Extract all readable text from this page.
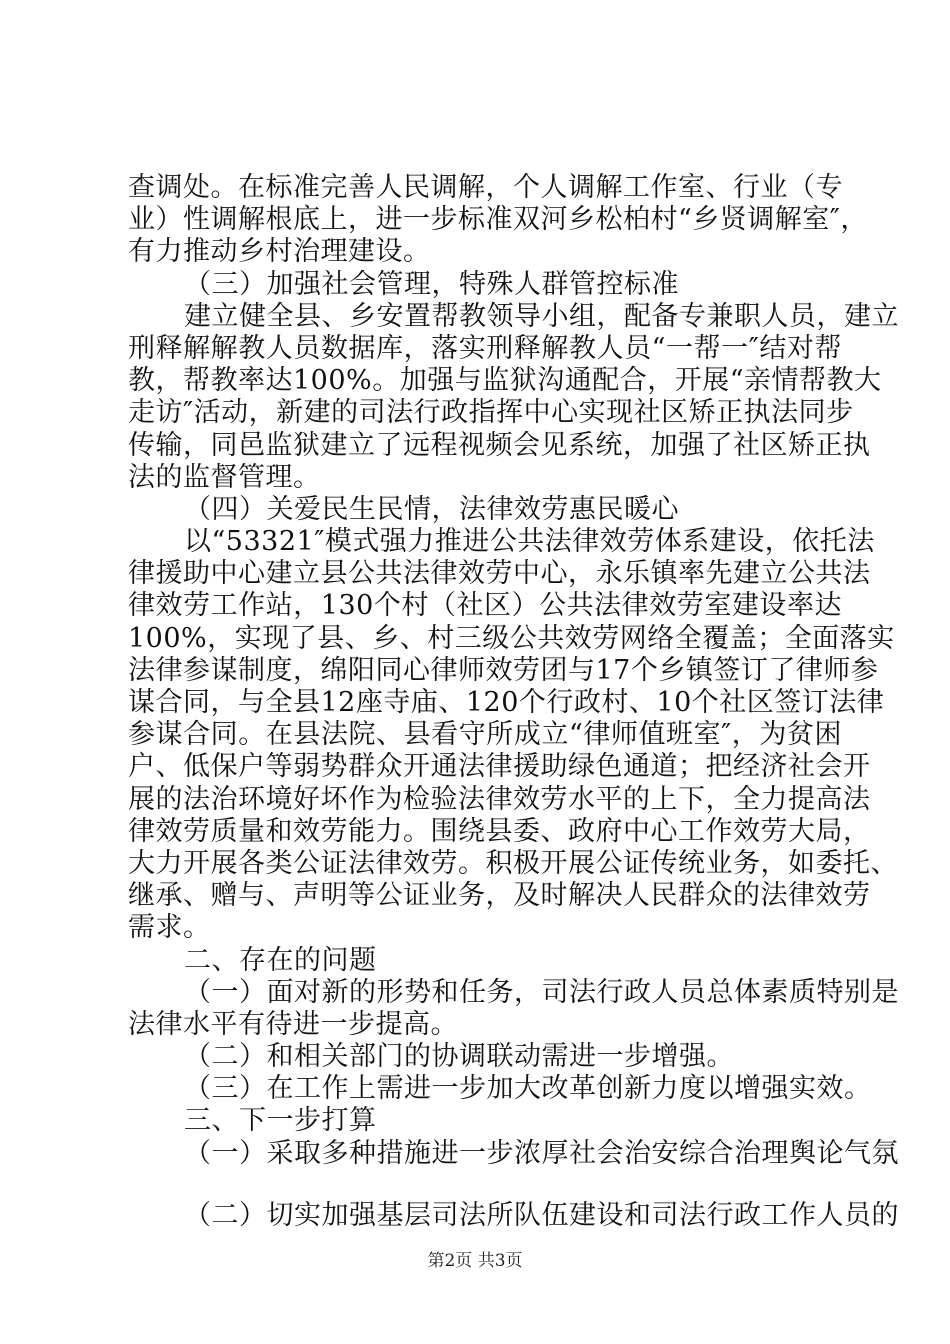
查调处。在标准完善人民调解，个人调解工作室、行业（专
业）性调解根底上，进一步标准双河乡松柏村“乡贤调解室″，
有力推动乡村治理建设。
（三）加强社会管理，特殊人群管控标准
建立健全县、乡安置帮教领导小组，配备专兼职人员，建立
刑释解解教人员数据库，落实刑释解教人员“一帮一″结对帮
教，帮教率达100%。加强与监狱沟通配合，开展“亲情帮教大
走访″活动，新建的司法行政指挥中心实现社区矫正执法同步
传输，同邑监狱建立了远程视频会见系统，加强了社区矫正执
法的监督管理。
（四）关爱民生民情，法律效劳惠民暖心
以“53321″模式强力推进公共法律效劳体系建设，依托法
律援助中心建立县公共法律效劳中心，永乐镇率先建立公共法
律效劳工作站，130个村（社区）公共法律效劳室建设率达
100%，实现了县、乡、村三级公共效劳网络全覆盖；全面落实
法律参谋制度，绵阳同心律师效劳团与17个乡镇签订了律师参
谋合同，与全县12座寺庙、120个行政村、10个社区签订法律
参谋合同。在县法院、县看守所成立“律师值班室″，为贫困
户、低保户等弱势群众开通法律援助绿色通道；把经济社会开
展的法治环境好坏作为检验法律效劳水平的上下，全力提高法
律效劳质量和效劳能力。围绕县委、政府中心工作效劳大局，
大力开展各类公证法律效劳。积极开展公证传统业务，如委托、
继承、赠与、声明等公证业务，及时解决人民群众的法律效劳
需求。
二、存在的问题
（一）面对新的形势和任务，司法行政人员总体素质特别是
法律水平有待进一步提高。
（二）和相关部门的协调联动需进一步增强。
（三）在工作上需进一步加大改革创新力度以增强实效。
三、下一步打算
（一）采取多种措施进一步浓厚社会治安综合治理舆论气氛
（二）切实加强基层司法所队伍建设和司法行政工作人员的
第2页 共3页
